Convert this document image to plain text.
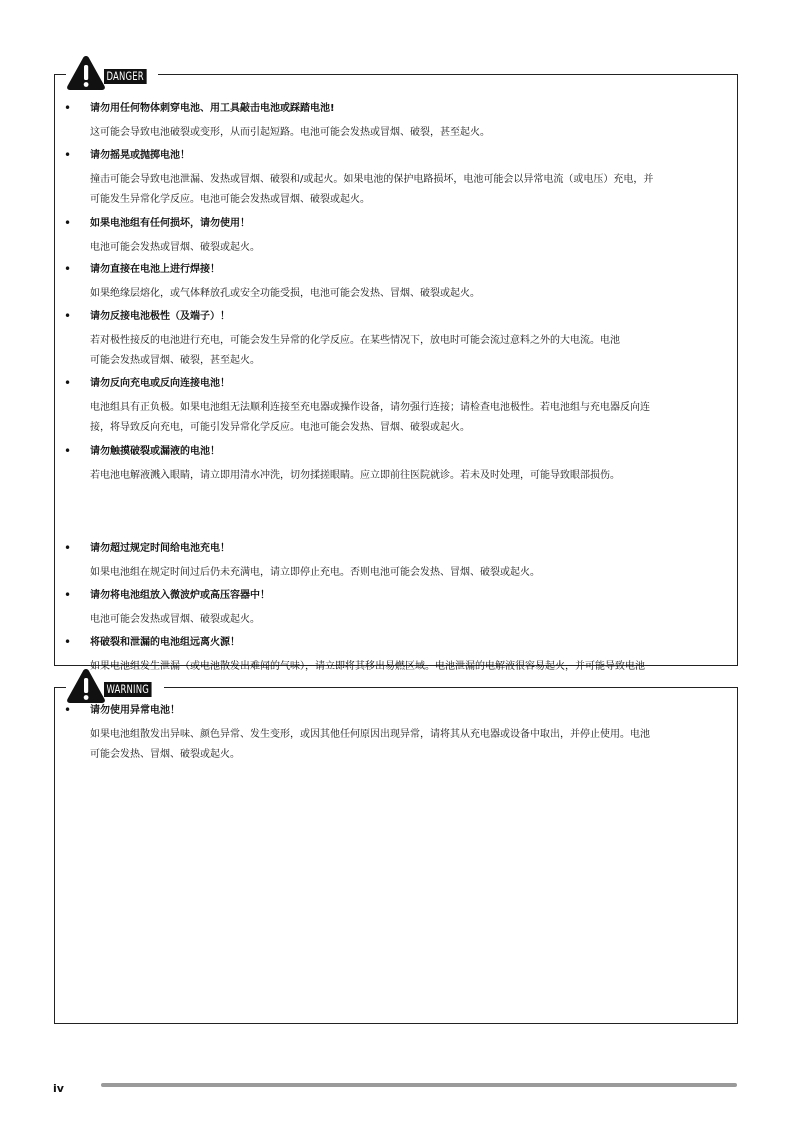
DANGER
WARNING
• 请勿用任何物体刺穿电池、用工具敲击电池或踩踏电池!
这可能会导致电池破裂或变形，从而引起短路。电池可能会发热或冒烟、破裂，甚至起火。
• 请勿摇晃或抛掷电池！
撞击可能会导致电池泄漏、发热或冒烟、破裂和/或起火。如果电池的保护电路损坏，电池可能会以异常电流（或电压）充电，并
可能发生异常化学反应。电池可能会发热或冒烟、破裂或起火。
• 如果电池组有任何损坏，请勿使用！
电池可能会发热或冒烟、破裂或起火。
• 请勿直接在电池上进行焊接！
如果绝缘层熔化，或气体释放孔或安全功能受损，电池可能会发热、冒烟、破裂或起火。
• 请勿反接电池极性（及端子）！
若对极性接反的电池进行充电，可能会发生异常的化学反应。在某些情况下，放电时可能会流过意料之外的大电流。电池
可能会发热或冒烟、破裂，甚至起火。
• 请勿反向充电或反向连接电池！
电池组具有正负极。如果电池组无法顺利连接至充电器或操作设备，请勿强行连接；请检查电池极性。若电池组与充电器反向连
接，将导致反向充电，可能引发异常化学反应。电池可能会发热、冒烟、破裂或起火。
• 请勿触摸破裂或漏液的电池！
若电池电解液溅入眼睛，请立即用清水冲洗，切勿揉搓眼睛。应立即前往医院就诊。若未及时处理，可能导致眼部损伤。
• 请勿超过规定时间给电池充电！
如果电池组在规定时间过后仍未充满电，请立即停止充电。否则电池可能会发热、冒烟、破裂或起火。
• 请勿将电池组放入微波炉或高压容器中！
电池可能会发热或冒烟、破裂或起火。
• 将破裂和泄漏的电池组远离火源！
如果电池组发生泄漏（或电池散发出难闻的气味），请立即将其移出易燃区域。电池泄漏的电解液很容易起火，并可能导致电池
• 请勿使用异常电池！
如果电池组散发出异味、颜色异常、发生变形，或因其他任何原因出现异常，请将其从充电器或设备中取出，并停止使用。电池
可能会发热、冒烟、破裂或起火。
iv
